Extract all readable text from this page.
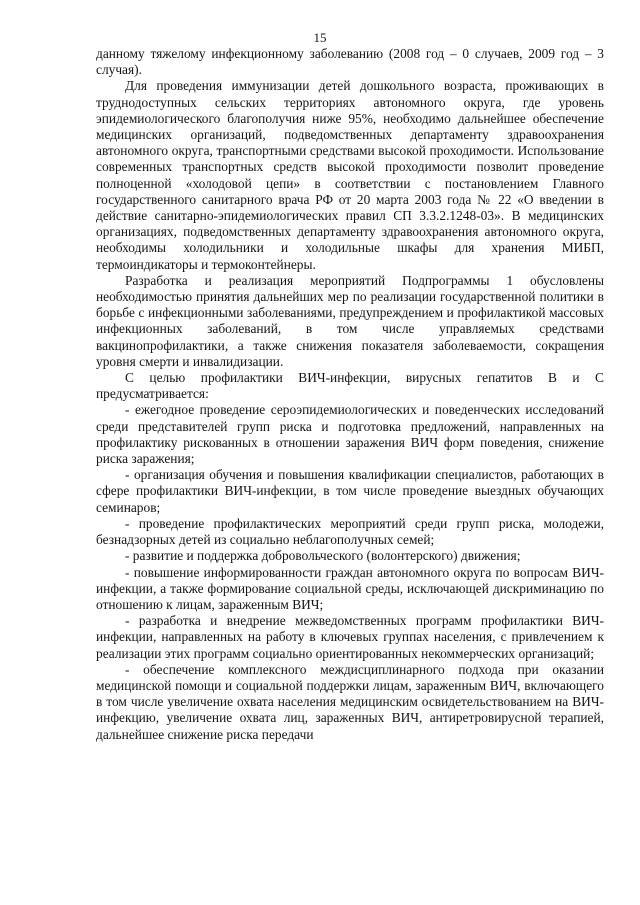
15

данному тяжелому инфекционному заболеванию (2008 год – 0 случаев, 2009 год – 3 случая).

Для проведения иммунизации детей дошкольного возраста, проживающих в труднодоступных сельских территориях автономного округа, где уровень эпидемиологического благополучия ниже 95%, необходимо дальнейшее обеспечение медицинских организаций, подведомственных департаменту здравоохранения автономного округа, транспортными средствами высокой проходимости. Использование современных транспортных средств высокой проходимости позволит проведение полноценной «холодовой цепи» в соответствии с постановлением Главного государственного санитарного врача РФ от 20 марта 2003 года № 22 «О введении в действие санитарно-эпидемиологических правил СП 3.3.2.1248-03». В медицинских организациях, подведомственных департаменту здравоохранения автономного округа, необходимы холодильники и холодильные шкафы для хранения МИБП, термоиндикаторы и термоконтейнеры.

Разработка и реализация мероприятий Подпрограммы 1 обусловлены необходимостью принятия дальнейших мер по реализации государственной политики в борьбе с инфекционными заболеваниями, предупреждением и профилактикой массовых инфекционных заболеваний, в том числе управляемых средствами вакцинопрофилактики, а также снижения показателя заболеваемости, сокращения уровня смерти и инвалидизации.

С целью профилактики ВИЧ-инфекции, вирусных гепатитов В и С предусматривается:

- ежегодное проведение сероэпидемиологических и поведенческих исследований среди представителей групп риска и подготовка предложений, направленных на профилактику рискованных в отношении заражения ВИЧ форм поведения, снижение риска заражения;

- организация обучения и повышения квалификации специалистов, работающих в сфере профилактики ВИЧ-инфекции, в том числе проведение выездных обучающих семинаров;

- проведение профилактических мероприятий среди групп риска, молодежи, безнадзорных детей из социально неблагополучных семей;

- развитие и поддержка добровольческого (волонтерского) движения;

- повышение информированности граждан автономного округа по вопросам ВИЧ-инфекции, а также формирование социальной среды, исключающей дискриминацию по отношению к лицам, зараженным ВИЧ;

- разработка и внедрение межведомственных программ профилактики ВИЧ-инфекции, направленных на работу в ключевых группах населения, с привлечением к реализации этих программ социально ориентированных некоммерческих организаций;

- обеспечение комплексного междисциплинарного подхода при оказании медицинской помощи и социальной поддержки лицам, зараженным ВИЧ, включающего в том числе увеличение охвата населения медицинским освидетельствованием на ВИЧ-инфекцию, увеличение охвата лиц, зараженных ВИЧ, антиретровирусной терапией, дальнейшее снижение риска передачи
